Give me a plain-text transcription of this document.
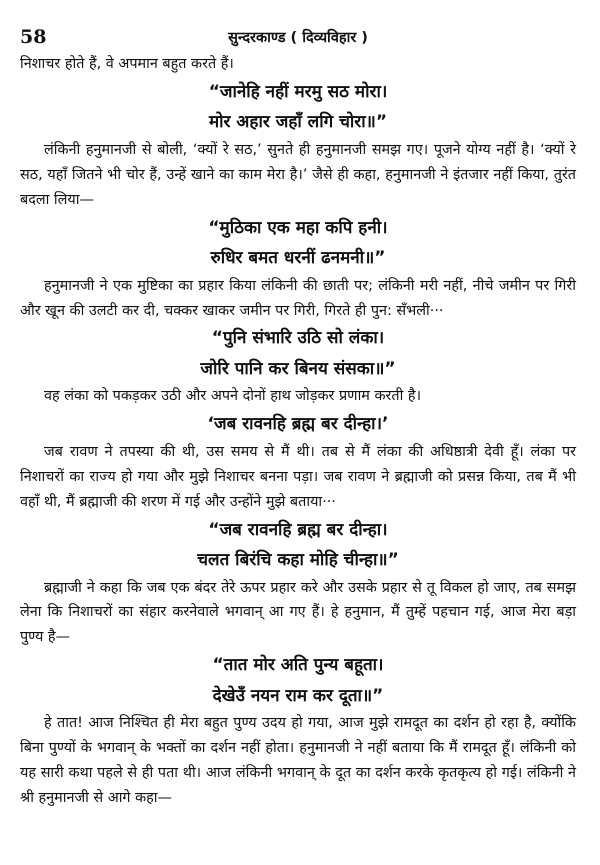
58	सुन्दरकाण्ड ( दिव्यविहार )

निशाचर होते हैं, वे अपमान बहुत करते हैं।

“जानेहि नहीं मरमु सठ मोरा।
मोर अहार जहाँ लगि चोरा॥”

लंकिनी हनुमानजी से बोली, ‘क्यों रे सठ,’ सुनते ही हनुमानजी समझ गए। पूजने योग्य नहीं है। ‘क्यों रे सठ, यहाँ जितने भी चोर हैं, उन्हें खाने का काम मेरा है।’ जैसे ही कहा, हनुमानजी ने इंतजार नहीं किया, तुरंत बदला लिया—

“मुठिका एक महा कपि हनी।
रुधिर बमत धरनीं ढनमनी॥”

हनुमानजी ने एक मुष्टिका का प्रहार किया लंकिनी की छाती पर; लंकिनी मरी नहीं, नीचे जमीन पर गिरी और खून की उलटी कर दी, चक्कर खाकर जमीन पर गिरी, गिरते ही पुन: सँभली···

“पुनि संभारि उठि सो लंका।
जोरि पानि कर बिनय संसका॥”

वह लंका को पकड़कर उठी और अपने दोनों हाथ जोड़कर प्रणाम करती है।

‘जब रावनहि ब्रह्म बर दीन्हा।’

जब रावण ने तपस्या की थी, उस समय से मैं थी। तब से मैं लंका की अधिष्ठात्री देवी हूँ। लंका पर निशाचरों का राज्य हो गया और मुझे निशाचर बनना पड़ा। जब रावण ने ब्रह्माजी को प्रसन्न किया, तब मैं भी वहाँ थी, मैं ब्रह्माजी की शरण में गई और उन्होंने मुझे बताया···

“जब रावनहि ब्रह्म बर दीन्हा।
चलत बिरंचि कहा मोहि चीन्हा॥”

ब्रह्माजी ने कहा कि जब एक बंदर तेरे ऊपर प्रहार करे और उसके प्रहार से तू विकल हो जाए, तब समझ लेना कि निशाचरों का संहार करनेवाले भगवान् आ गए हैं। हे हनुमान, मैं तुम्हें पहचान गई, आज मेरा बड़ा पुण्य है—

“तात मोर अति पुन्य बहूता।
देखेउँ नयन राम कर दूता॥”

हे तात! आज निश्चित ही मेरा बहुत पुण्य उदय हो गया, आज मुझे रामदूत का दर्शन हो रहा है, क्योंकि बिना पुण्यों के भगवान् के भक्तों का दर्शन नहीं होता। हनुमानजी ने नहीं बताया कि मैं रामदूत हूँ। लंकिनी को यह सारी कथा पहले से ही पता थी। आज लंकिनी भगवान् के दूत का दर्शन करके कृतकृत्य हो गई। लंकिनी ने श्री हनुमानजी से आगे कहा—
